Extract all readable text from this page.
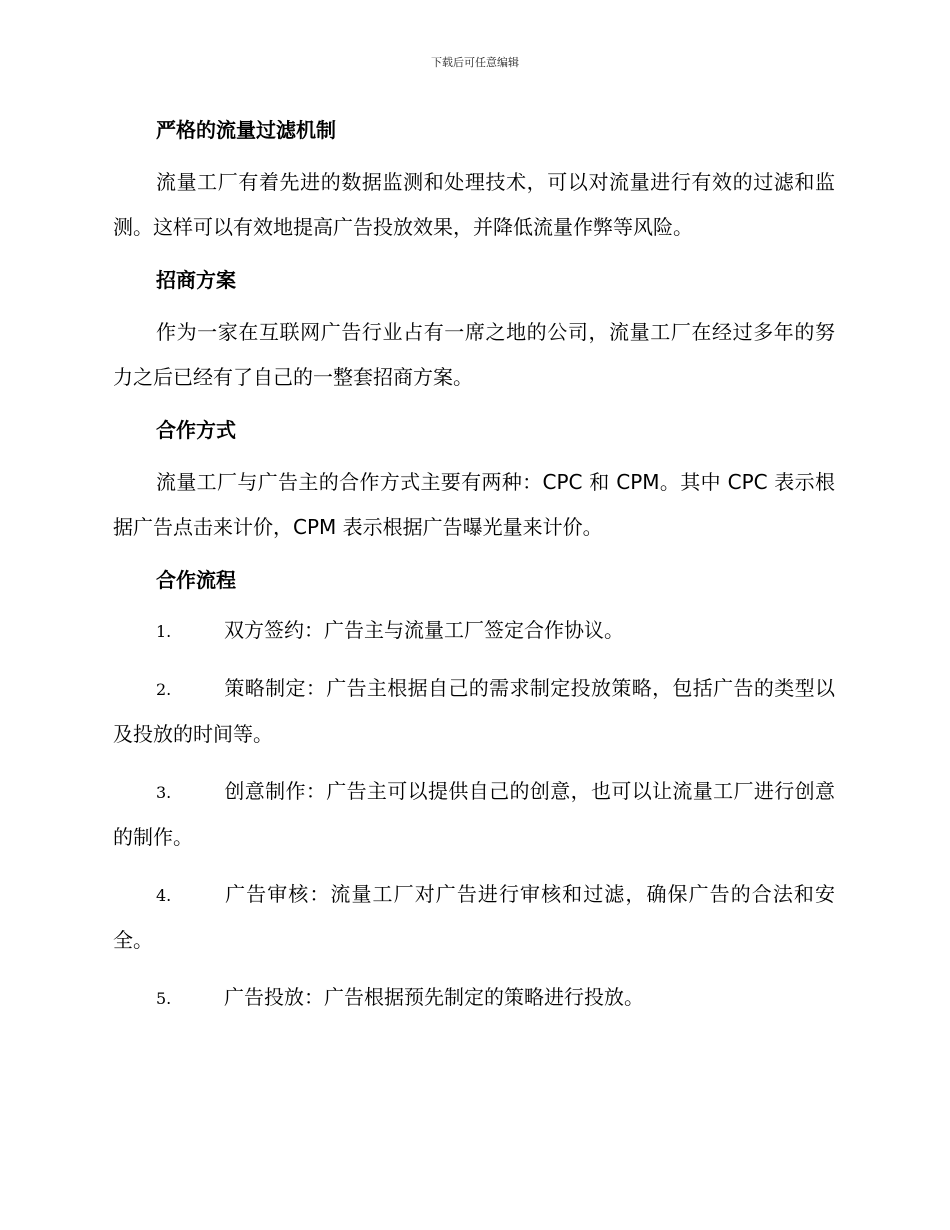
下载后可任意编辑
严格的流量过滤机制

流量工厂有着先进的数据监测和处理技术，可以对流量进行有效的过滤和监测。这样可以有效地提高广告投放效果，并降低流量作弊等风险。

招商方案

作为一家在互联网广告行业占有一席之地的公司，流量工厂在经过多年的努力之后已经有了自己的一整套招商方案。

合作方式

流量工厂与广告主的合作方式主要有两种：CPC 和 CPM。其中 CPC 表示根据广告点击来计价，CPM 表示根据广告曝光量来计价。

合作流程

1.	双方签约：广告主与流量工厂签定合作协议。

2.	策略制定：广告主根据自己的需求制定投放策略，包括广告的类型以及投放的时间等。

3.	创意制作：广告主可以提供自己的创意，也可以让流量工厂进行创意的制作。

4.	广告审核：流量工厂对广告进行审核和过滤，确保广告的合法和安全。

5.	广告投放：广告根据预先制定的策略进行投放。
